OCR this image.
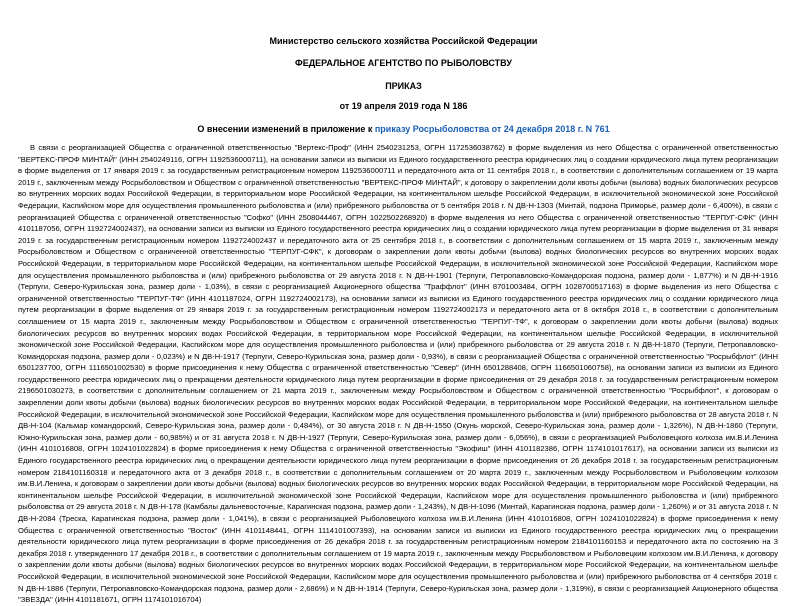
Министерство сельского хозяйства Российской Федерации
ФЕДЕРАЛЬНОЕ АГЕНТСТВО ПО РЫБОЛОВСТВУ
ПРИКАЗ
от 19 апреля 2019 года N 186
О внесении изменений в приложение к приказу Росрыболовства от 24 декабря 2018 г. N 761

В связи с реорганизацией Общества с ограниченной ответственностью "Вертекс-Проф" (ИНН 2540231253, ОГРН 1172536038762) в форме выделения из него Общества с ограниченной ответственностью "ВЕРТЕКС-ПРОФ МИНТАЙ" (ИНН 2540249116, ОГРН 1192536000711), на основании записи из выписки из Единого государственного реестра юридических лиц о создании юридического лица путем реорганизации в форме выделения от 17 января 2019 г. за государственным регистрационным номером 1192536000711 и передаточного акта от 11 сентября 2018 г., в соответствии с дополнительным соглашением от 19 марта 2019 г., заключенным между Росрыболовством и Обществом с ограниченной ответственностью "ВЕРТЕКС-ПРОФ МИНТАЙ", к договору о закреплении доли квоты добычи (вылова) водных биологических ресурсов во внутренних морских водах Российской Федерации, в территориальном море Российской Федерации, на континентальном шельфе Российской Федерации, в исключительной экономической зоне Российской Федерации, Каспийском море для осуществления промышленного рыболовства и (или) прибрежного рыболовства от 5 сентября 2018 г. N ДВ-Н-1303 (Минтай, подзона Приморье, размер доли - 6,400%), в связи с реорганизацией Общества с ограниченной ответственностью "Софко" (ИНН 2508044467, ОГРН 1022502268920) в форме выделения из него Общества с ограниченной ответственностью "ТЕРПУГ-СФК" (ИНН 4101187056, ОГРН 1192724002437), на основании записи из выписки из Единого государственного реестра юридических лиц о создании юридического лица путем реорганизации в форме выделения от 31 января 2019 г. за государственным регистрационным номером 1192724002437 и передаточного акта от 25 сентября 2018 г., в соответствии с дополнительным соглашением от 15 марта 2019 г., заключенным между Росрыболовством и Обществом с ограниченной ответственностью "ТЕРПУГ-СФК", к договорам о закреплении доли квоты добычи (вылова) водных биологических ресурсов во внутренних морских водах Российской Федерации, в территориальном море Российской Федерации, на континентальном шельфе Российской Федерации, в исключительной экономической зоне Российской Федерации, Каспийском море для осуществления промышленного рыболовства и (или) прибрежного рыболовства от 29 августа 2018 г. N ДВ-Н-1901 (Терпуги, Петропавловско-Командорская подзона, размер доли - 1,877%) и N ДВ-Н-1916 (Терпуги, Северо-Курильская зона, размер доли - 1,03%), в связи с реорганизацией Акционерного общества "Траффлот" (ИНН 8701003484, ОГРН 1028700517163) в форме выделения из него Общества с ограниченной ответственностью "ТЕРПУГ-ТФ" (ИНН 4101187024, ОГРН 1192724002173), на основании записи из выписки из Единого государственного реестра юридических лиц о создании юридического лица путем реорганизации в форме выделения от 29 января 2019 г. за государственным регистрационным номером 1192724002173 и передаточного акта от 8 октября 2018 г., в соответствии с дополнительным соглашением от 15 марта 2019 г., заключенным между Росрыболовством и Обществом с ограниченной ответственностью "ТЕРПУГ-ТФ", к договорам о закреплении доли квоты добычи (вылова) водных биологических ресурсов во внутренних морских водах Российской Федерации, в территориальном море Российской Федерации, на континентальном шельфе Российской Федерации, в исключительной экономической зоне Российской Федерации, Каспийском море для осуществления промышленного рыболовства и (или) прибрежного рыболовства от 29 августа 2018 г. N ДВ-Н-1870 (Терпуги, Петропавловско-Командорская подзона, размер доли - 0,023%) и N ДВ-Н-1917 (Терпуги, Северо-Курильская зона, размер доли - 0,93%), в связи с реорганизацией Общества с ограниченной ответственностью "Росрыбфлот" (ИНН 6501237700, ОГРН 1116501002530) в форме присоединения к нему Общества с ограниченной ответственностью "Север" (ИНН 6501288408, ОГРН 1166501060758), на основании записи из выписки из Единого государственного реестра юридических лиц о прекращении деятельности юридического лица путем реорганизации в форме присоединения от 29 декабря 2018 г. за государственным регистрационным номером 2196501030273, в соответствии с дополнительным соглашением от 21 марта 2019 г., заключенным между Росрыболовством и Обществом с ограниченной ответственностью "Росрыбфлот", к договорам о закреплении доли квоты добычи (вылова) водных биологических ресурсов во внутренних морских водах Российской Федерации, в территориальном море Российской Федерации, на континентальном шельфе Российской Федерации, в исключительной экономической зоне Российской Федерации, Каспийском море для осуществления промышленного рыболовства и (или) прибрежного рыболовства от 28 августа 2018 г. N ДВ-Н-104 (Кальмар командорский, Северо-Курильская зона, размер доли - 0,484%), от 30 августа 2018 г. N ДВ-Н-1550 (Окунь морской, Северо-Курильская зона, размер доли - 1,326%), N ДВ-Н-1860 (Терпуги, Южно-Курильская зона, размер доли - 60,985%) и от 31 августа 2018 г. N ДВ-Н-1927 (Терпуги, Северо-Курильская зона, размер доли - 6,056%), в связи с реорганизацией Рыболовецкого колхоза им.В.И.Ленина (ИНН 4101016808, ОГРН 1024101022824) в форме присоединения к нему Общества с ограниченной ответственностью "Экофиш" (ИНН 4101182386, ОГРН 1174101017617), на основании записи из выписки из Единого государственного реестра юридических лиц о прекращении деятельности юридического лица путем реорганизации в форме присоединения от 26 декабря 2018 г. за государственным регистрационным номером 2184101160318 и передаточного акта от 3 декабря 2018 г., в соответствии с дополнительным соглашением от 20 марта 2019 г., заключенным между Росрыболовством и Рыболовецким колхозом им.В.И.Ленина, к договорам о закреплении доли квоты добычи (вылова) водных биологических ресурсов во внутренних морских водах Российской Федерации, в территориальном море Российской Федерации, на континентальном шельфе Российской Федерации, в исключительной экономической зоне Российской Федерации, Каспийском море для осуществления промышленного рыболовства и (или) прибрежного рыболовства от 29 августа 2018 г. N ДВ-Н-178 (Камбалы дальневосточные, Карагинская подзона, размер доли - 1,243%), N ДВ-Н-1096 (Минтай, Карагинская подзона, размер доли - 1,260%) и от 31 августа 2018 г. N ДВ-Н-2084 (Треска, Карагинская подзона, размер доли - 1,041%), в связи с реорганизацией Рыболовецкого колхоза им.В.И.Ленина (ИНН 4101016808, ОГРН 1024101022824) в форме присоединения к нему Общества с ограниченной ответственностью "Восток" (ИНН 4101148441, ОГРН 1114101007393), на основании записи из выписки из Единого государственного реестра юридических лиц о прекращении деятельности юридического лица путем реорганизации в форме присоединения от 26 декабря 2018 г. за государственным регистрационным номером 2184101160153 и передаточного акта по состоянию на 3 декабря 2018 г. утвержденного 17 декабря 2018 г., в соответствии с дополнительным соглашением от 19 марта 2019 г., заключенным между Росрыболовством и Рыболовецким колхозом им.В.И.Ленина, к договору о закреплении доли квоты добычи (вылова) водных биологических ресурсов во внутренних морских водах Российской Федерации, в территориальном море Российской Федерации, на континентальном шельфе Российской Федерации, в исключительной экономической зоне Российской Федерации, Каспийском море для осуществления промышленного рыболовства и (или) прибрежного рыболовства от 4 сентября 2018 г. N ДВ-Н-1886 (Терпуги, Петропавловско-Командорская подзона, размер доли - 2,686%) и N ДВ-Н-1914 (Терпуги, Северо-Курильская зона, размер доли - 1,319%), в связи с реорганизацией Акционерного общества "ЗВЕЗДА" (ИНН 4101181671, ОГРН 1174101016704)
